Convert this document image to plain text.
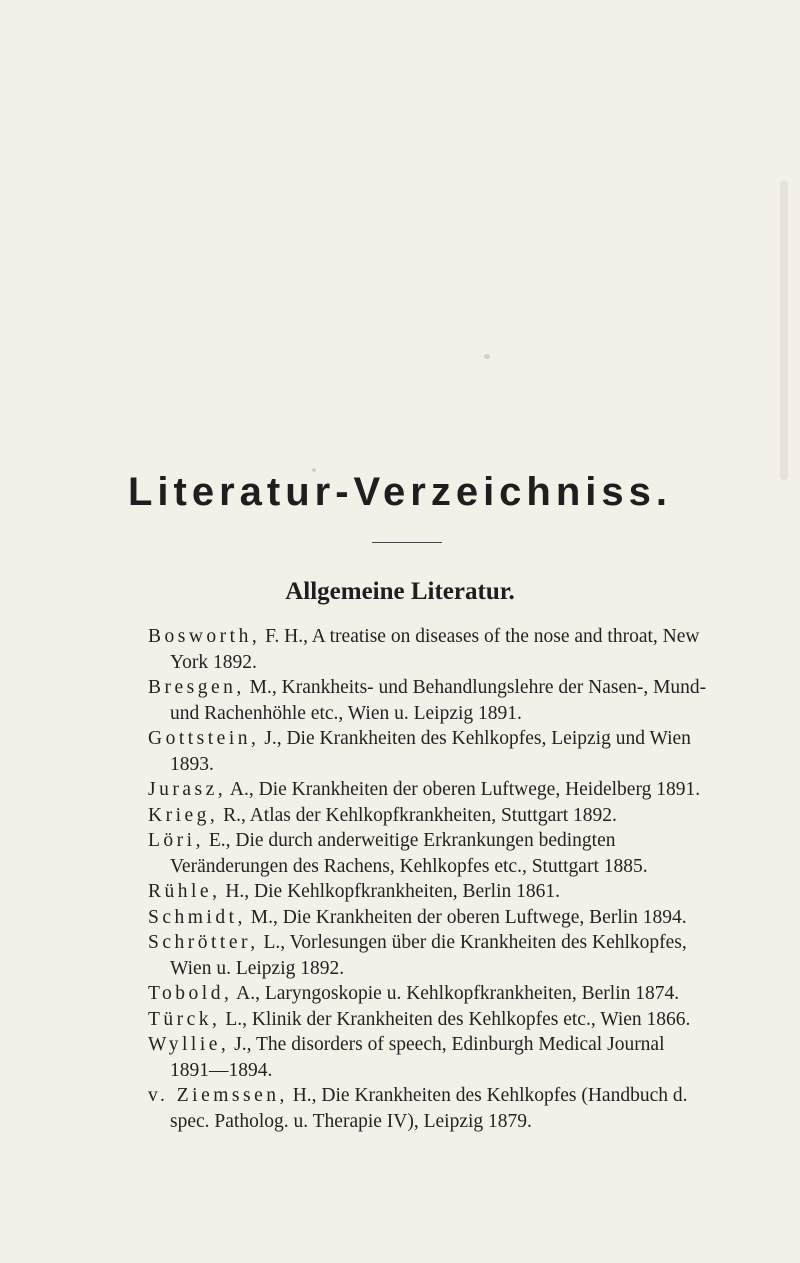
Literatur-Verzeichniss.
Allgemeine Literatur.
Bosworth, F. H., A treatise on diseases of the nose and throat, New York 1892.
Bresgen, M., Krankheits- und Behandlungslehre der Nasen-, Mund- und Rachenhöhle etc., Wien u. Leipzig 1891.
Gottstein, J., Die Krankheiten des Kehlkopfes, Leipzig und Wien 1893.
Jurasz, A., Die Krankheiten der oberen Luftwege, Heidelberg 1891.
Krieg, R., Atlas der Kehlkopfkrankheiten, Stuttgart 1892.
Löri, E., Die durch anderweitige Erkrankungen bedingten Veränderungen des Rachens, Kehlkopfes etc., Stuttgart 1885.
Rühle, H., Die Kehlkopfkrankheiten, Berlin 1861.
Schmidt, M., Die Krankheiten der oberen Luftwege, Berlin 1894.
Schrötter, L., Vorlesungen über die Krankheiten des Kehlkopfes, Wien u. Leipzig 1892.
Tobold, A., Laryngoskopie u. Kehlkopfkrankheiten, Berlin 1874.
Türck, L., Klinik der Krankheiten des Kehlkopfes etc., Wien 1866.
Wyllie, J., The disorders of speech, Edinburgh Medical Journal 1891—1894.
v. Ziemssen, H., Die Krankheiten des Kehlkopfes (Handbuch d. spec. Patholog. u. Therapie IV), Leipzig 1879.
